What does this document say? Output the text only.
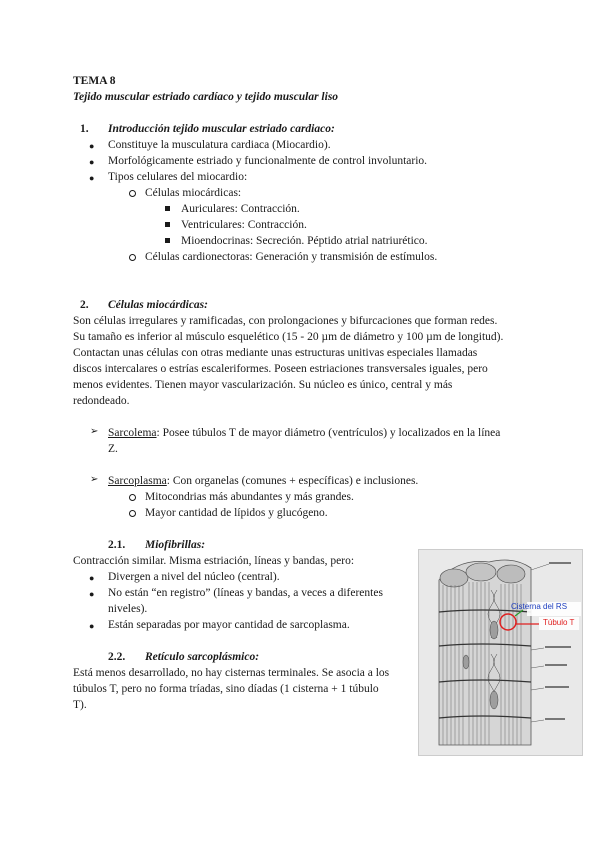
TEMA 8
Tejido muscular estriado cardíaco y tejido muscular liso
1. Introducción tejido muscular estriado cardiaco:
● Constituye la musculatura cardiaca (Miocardio).
● Morfológicamente estriado y funcionalmente de control involuntario.
● Tipos celulares del miocardio:
Células miocárdicas:
Auriculares: Contracción.
Ventriculares: Contracción.
Mioendocrinas: Secreción. Péptido atrial natriurético.
Células cardionectoras: Generación y transmisión de estímulos.
2. Células miocárdicas:
Son células irregulares y ramificadas, con prolongaciones y bifurcaciones que forman redes.
Su tamaño es inferior al músculo esquelético (15 - 20 µm de diámetro y 100 µm de longitud).
Contactan unas células con otras mediante unas estructuras unitivas especiales llamadas
discos intercalares o estrías escaleriformes. Poseen estriaciones transversales iguales, pero
menos evidentes. Tienen mayor vascularización. Su núcleo es único, central y más
redondeado.
➢ Sarcolema: Posee túbulos T de mayor diámetro (ventrículos) y localizados en la línea
Z.
➢ Sarcoplasma: Con organelas (comunes + específicas) e inclusiones.
Mitocondrias más abundantes y más grandes.
Mayor cantidad de lípidos y glucógeno.
2.1. Miofibrillas:
Contracción similar. Misma estriación, líneas y bandas, pero:
● Divergen a nivel del núcleo (central).
● No están “en registro” (líneas y bandas, a veces a diferentes
niveles).
● Están separadas por mayor cantidad de sarcoplasma.
2.2. Retículo sarcoplásmico:
Está menos desarrollado, no hay cisternas terminales. Se asocia a los
túbulos T, pero no forma tríadas, sino díadas (1 cisterna + 1 túbulo
T).
Cisterna del RS
Túbulo T
